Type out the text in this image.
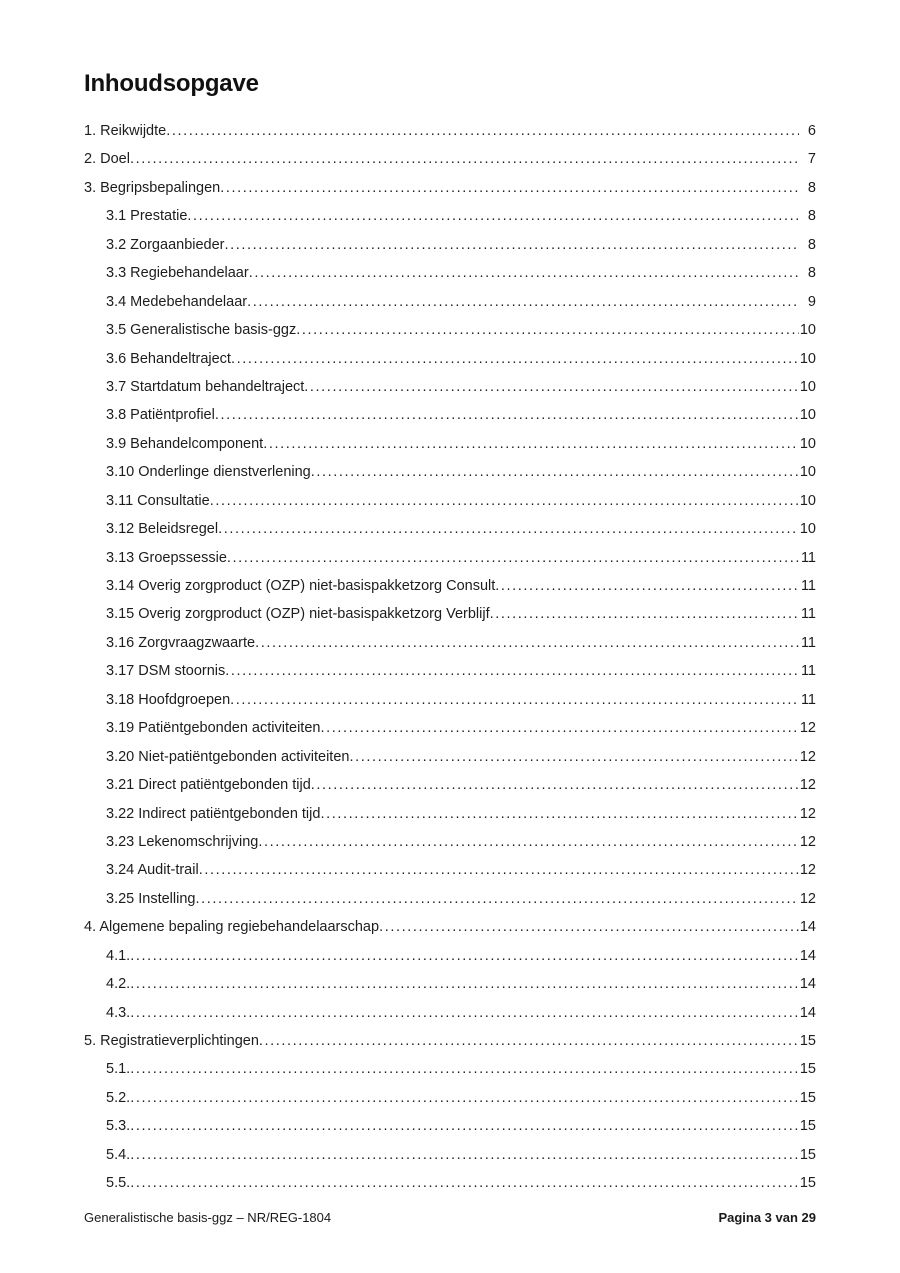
Inhoudsopgave
1. Reikwijdte .....	6
2. Doel .....	7
3. Begripsbepalingen .....	8
3.1 Prestatie .....	8
3.2 Zorgaanbieder .....	8
3.3 Regiebehandelaar .....	8
3.4 Medebehandelaar .....	9
3.5 Generalistische basis-ggz .....	10
3.6 Behandeltraject .....	10
3.7 Startdatum behandeltraject .....	10
3.8 Patiëntprofiel .....	10
3.9 Behandelcomponent .....	10
3.10 Onderlinge dienstverlening .....	10
3.11 Consultatie .....	10
3.12 Beleidsregel .....	10
3.13 Groepssessie .....	11
3.14 Overig zorgproduct (OZP) niet-basispakketzorg Consult .....	11
3.15 Overig zorgproduct (OZP) niet-basispakketzorg Verblijf .....	11
3.16 Zorgvraagzwaarte .....	11
3.17 DSM stoornis .....	11
3.18 Hoofdgroepen .....	11
3.19 Patiëntgebonden activiteiten .....	12
3.20 Niet-patiëntgebonden activiteiten .....	12
3.21 Direct patiëntgebonden tijd .....	12
3.22 Indirect patiëntgebonden tijd .....	12
3.23 Lekenomschrijving .....	12
3.24 Audit-trail .....	12
3.25 Instelling .....	12
4. Algemene bepaling regiebehandelaarschap .....	14
4.1. .....	14
4.2. .....	14
4.3. .....	14
5. Registratieverplichtingen .....	15
5.1. .....	15
5.2. .....	15
5.3. .....	15
5.4. .....	15
5.5. .....	15
Generalistische basis-ggz – NR/REG-1804	Pagina 3 van 29
